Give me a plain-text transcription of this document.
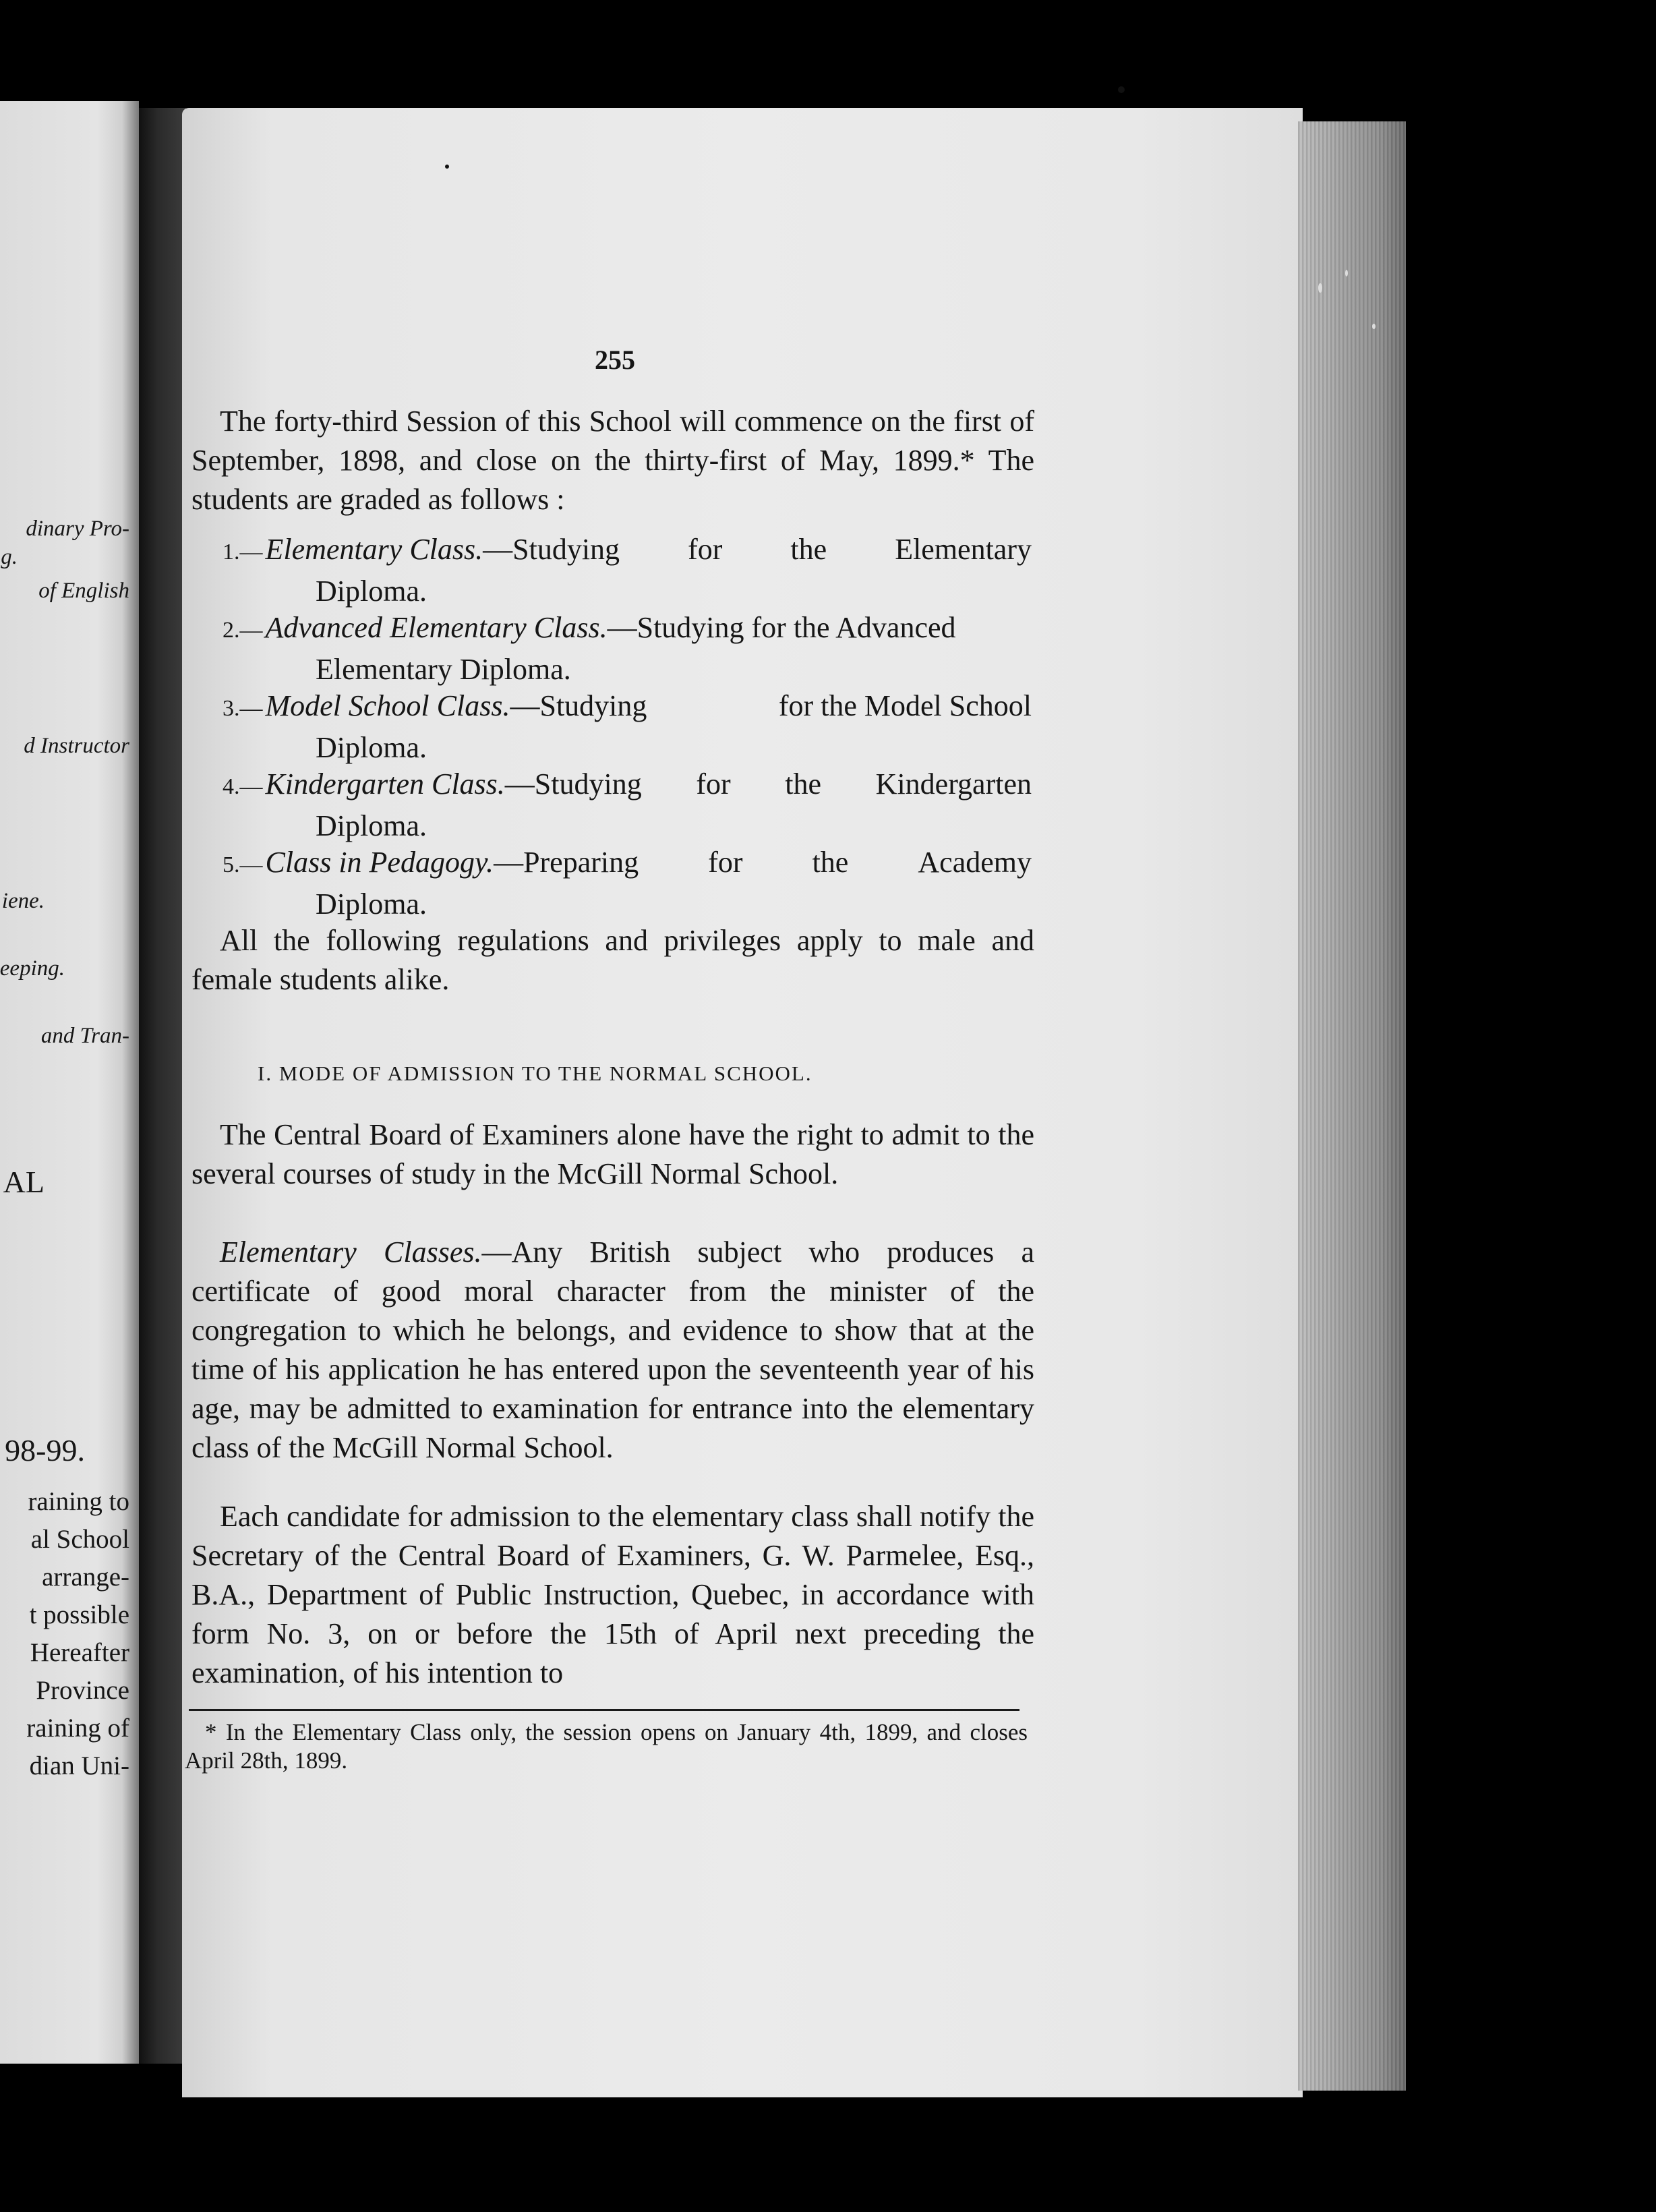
dinary Pro-
g.
of English
d Instructor
iene.
eeping.
and Tran-
AL
98-99.
raining to
al School
arrange-
t possible
Hereafter
Province
raining of
dian Uni-
255

The forty-third Session of this School will commence on the first of September, 1898, and close on the thirty-first of May, 1899.* The students are graded as follows :

1.—Elementary Class.—Studying for the Elementary
Diploma.
2.—Advanced Elementary Class.—Studying for the Advanced
Elementary Diploma.
3.—Model School Class.—Studying	for the Model School
Diploma.
4.—Kindergarten Class.—Studying for the Kindergarten
Diploma.
5.—Class in Pedagogy.—Preparing for the Academy
Diploma.

All the following regulations and privileges apply to male and female students alike.

I. MODE OF ADMISSION TO THE NORMAL SCHOOL.

The Central Board of Examiners alone have the right to admit to the several courses of study in the McGill Normal School.

Elementary Classes.—Any British subject who produces a certificate of good moral character from the minister of the congregation to which he belongs, and evidence to show that at the time of his application he has entered upon the seventeenth year of his age, may be admitted to examination for entrance into the elementary class of the McGill Normal School.

Each candidate for admission to the elementary class shall notify the Secretary of the Central Board of Examiners, G. W. Parmelee, Esq., B.A., Department of Public Instruction, Quebec, in accordance with form No. 3, on or before the 15th of April next preceding the examination, of his intention to

* In the Elementary Class only, the session opens on January 4th, 1899, and closes April 28th, 1899.
